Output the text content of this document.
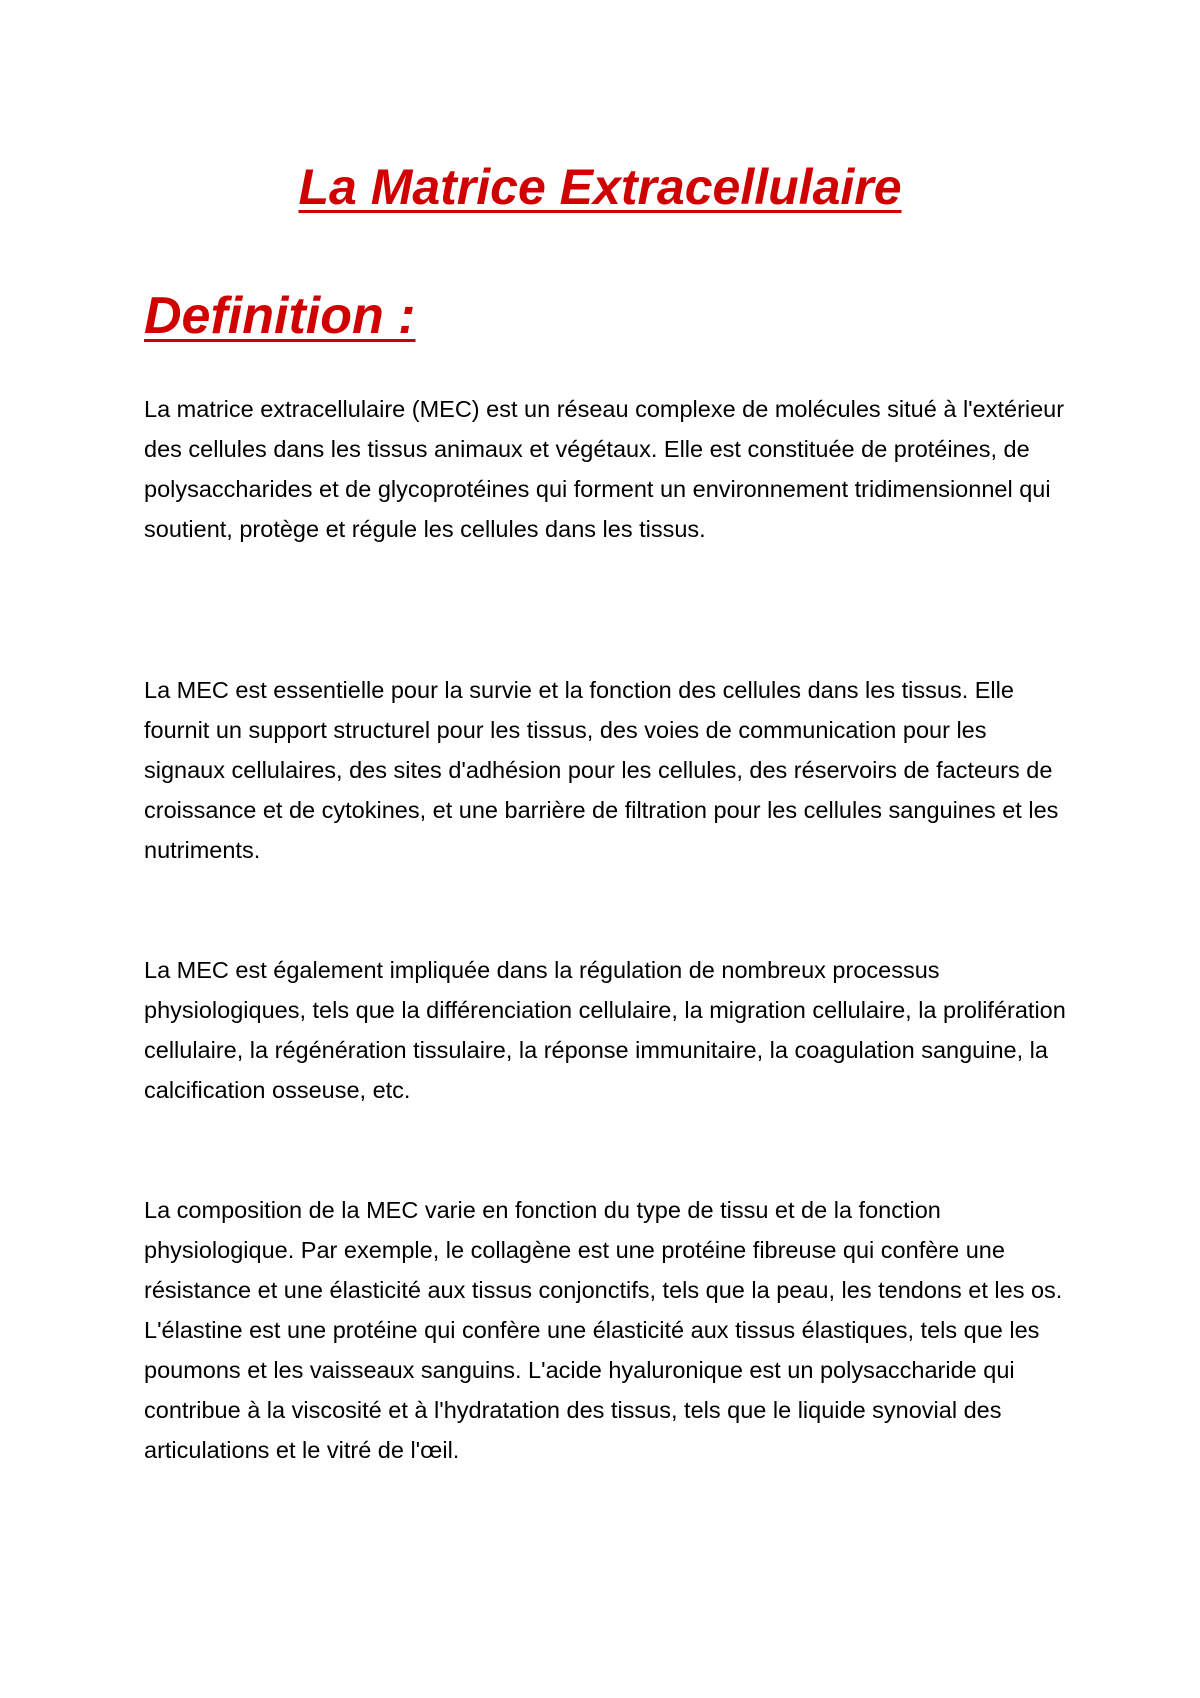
La Matrice Extracellulaire
Definition :

La matrice extracellulaire (MEC) est un réseau complexe de molécules situé à l'extérieur des cellules dans les tissus animaux et végétaux. Elle est constituée de protéines, de polysaccharides et de glycoprotéines qui forment un environnement tridimensionnel qui soutient, protège et régule les cellules dans les tissus.

La MEC est essentielle pour la survie et la fonction des cellules dans les tissus. Elle fournit un support structurel pour les tissus, des voies de communication pour les signaux cellulaires, des sites d'adhésion pour les cellules, des réservoirs de facteurs de croissance et de cytokines, et une barrière de filtration pour les cellules sanguines et les nutriments.

La MEC est également impliquée dans la régulation de nombreux processus physiologiques, tels que la différenciation cellulaire, la migration cellulaire, la prolifération cellulaire, la régénération tissulaire, la réponse immunitaire, la coagulation sanguine, la calcification osseuse, etc.

La composition de la MEC varie en fonction du type de tissu et de la fonction physiologique. Par exemple, le collagène est une protéine fibreuse qui confère une résistance et une élasticité aux tissus conjonctifs, tels que la peau, les tendons et les os. L'élastine est une protéine qui confère une élasticité aux tissus élastiques, tels que les poumons et les vaisseaux sanguins. L'acide hyaluronique est un polysaccharide qui contribue à la viscosité et à l'hydratation des tissus, tels que le liquide synovial des articulations et le vitré de l'œil.
